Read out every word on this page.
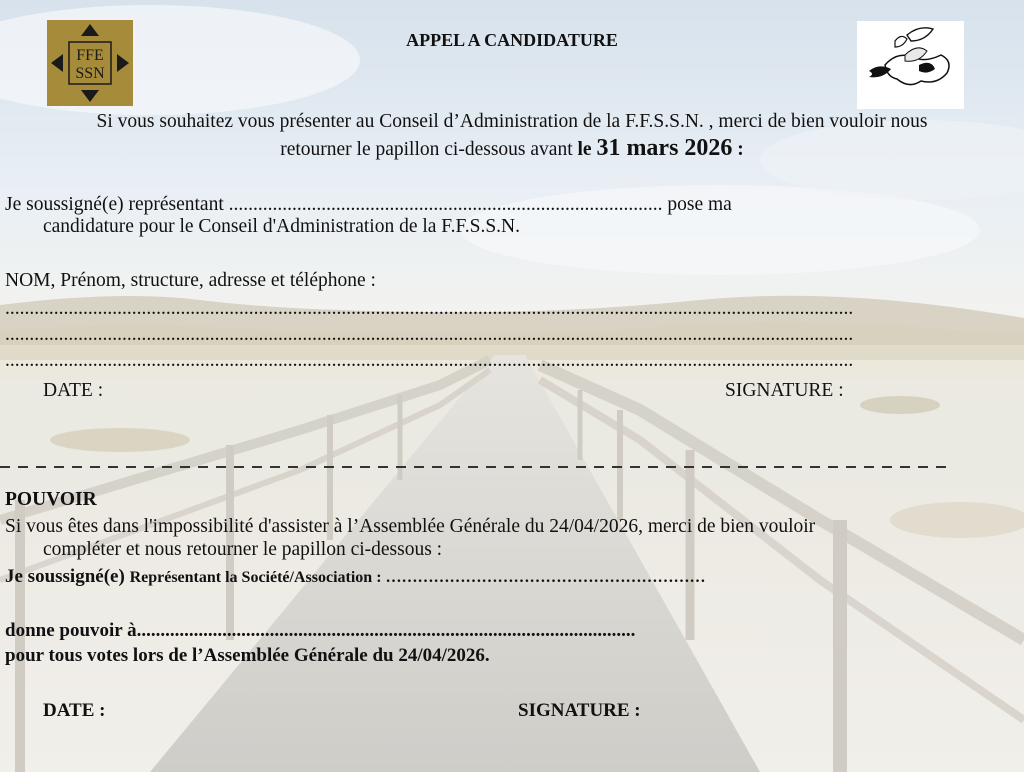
FFE
SSN
APPEL A CANDIDATURE
Si vous souhaitez vous présenter au Conseil d’Administration de la F.F.S.S.N. , merci de bien vouloir nous
retourner le papillon ci-dessous avant le 31 mars 2026 :
Je soussigné(e) représentant ......................................................................................... pose ma
candidature pour le Conseil d'Administration de la F.F.S.S.N.
NOM, Prénom, structure, adresse et téléphone :
..............................................................................................................................................................................
..............................................................................................................................................................................
..............................................................................................................................................................................
DATE :	SIGNATURE :
POUVOIR
Si vous êtes dans l'impossibilité d'assister à l’Assemblée Générale du 24/04/2026, merci de bien vouloir
compléter et nous retourner le papillon ci-dessous :
Je soussigné(e) Représentant la Société/Association : ……………………………………………………
donne pouvoir à.........................................................................................................
pour tous votes lors de l’Assemblée Générale du 24/04/2026.
DATE :	SIGNATURE :
